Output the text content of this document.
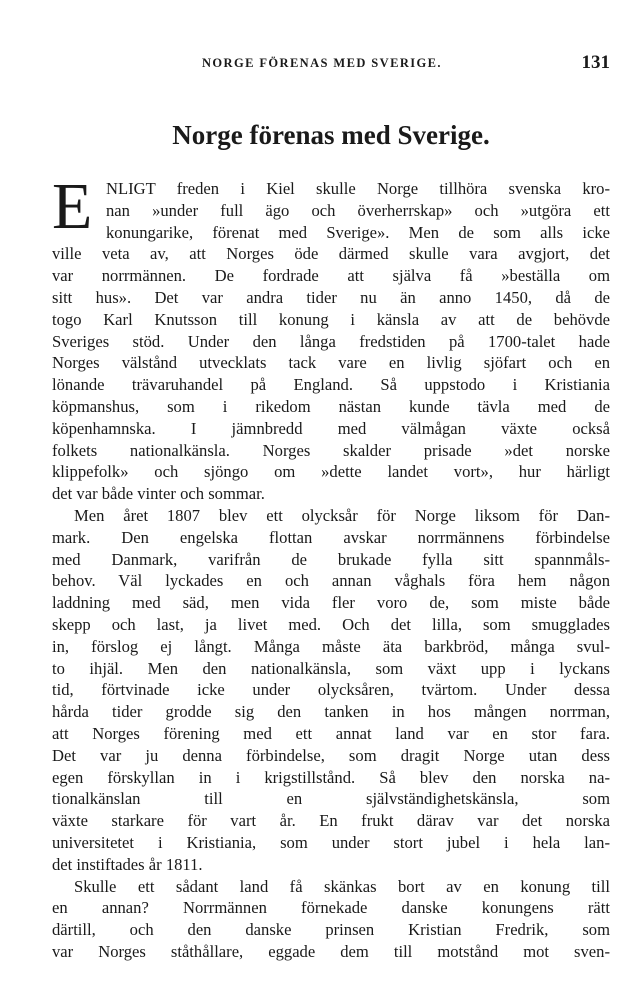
NORGE FÖRENAS MED SVERIGE.	131
Norge förenas med Sverige.
E NLIGT freden i Kiel skulle Norge tillhöra svenska kro-
nan »under full ägo och överherrskap» och »utgöra ett
konungarike, förenat med Sverige». Men de som alls icke
ville veta av, att Norges öde därmed skulle vara avgjort, det
var norrmännen. De fordrade att själva få »beställa om
sitt hus». Det var andra tider nu än anno 1450, då de
togo Karl Knutsson till konung i känsla av att de behövde
Sveriges stöd. Under den långa fredstiden på 1700-talet hade
Norges välstånd utvecklats tack vare en livlig sjöfart och en
lönande trävaruhandel på England. Så uppstodo i Kristiania
köpmanshus, som i rikedom nästan kunde tävla med de
köpenhamnska. I jämnbredd med välmågan växte också
folkets nationalkänsla. Norges skalder prisade »det norske
klippefolk» och sjöngo om »dette landet vort», hur härligt
det var både vinter och sommar.
Men året 1807 blev ett olycksår för Norge liksom för Dan-
mark. Den engelska flottan avskar norrmännens förbindelse
med Danmark, varifrån de brukade fylla sitt spannmåls-
behov. Väl lyckades en och annan våghals föra hem någon
laddning med säd, men vida fler voro de, som miste både
skepp och last, ja livet med. Och det lilla, som smugglades
in, förslog ej långt. Många måste äta barkbröd, många svul-
to ihjäl. Men den nationalkänsla, som växt upp i lyckans
tid, förtvinade icke under olycksåren, tvärtom. Under dessa
hårda tider grodde sig den tanken in hos mången norrman,
att Norges förening med ett annat land var en stor fara.
Det var ju denna förbindelse, som dragit Norge utan dess
egen förskyllan in i krigstillstånd. Så blev den norska na-
tionalkänslan till en självständighetskänsla, som
växte starkare för vart år. En frukt därav var det norska
universitetet i Kristiania, som under stort jubel i hela lan-
det instiftades år 1811.
Skulle ett sådant land få skänkas bort av en konung till
en annan? Norrmännen förnekade danske konungens rätt
därtill, och den danske prinsen Kristian Fredrik, som
var Norges ståthållare, eggade dem till motstånd mot sven-
